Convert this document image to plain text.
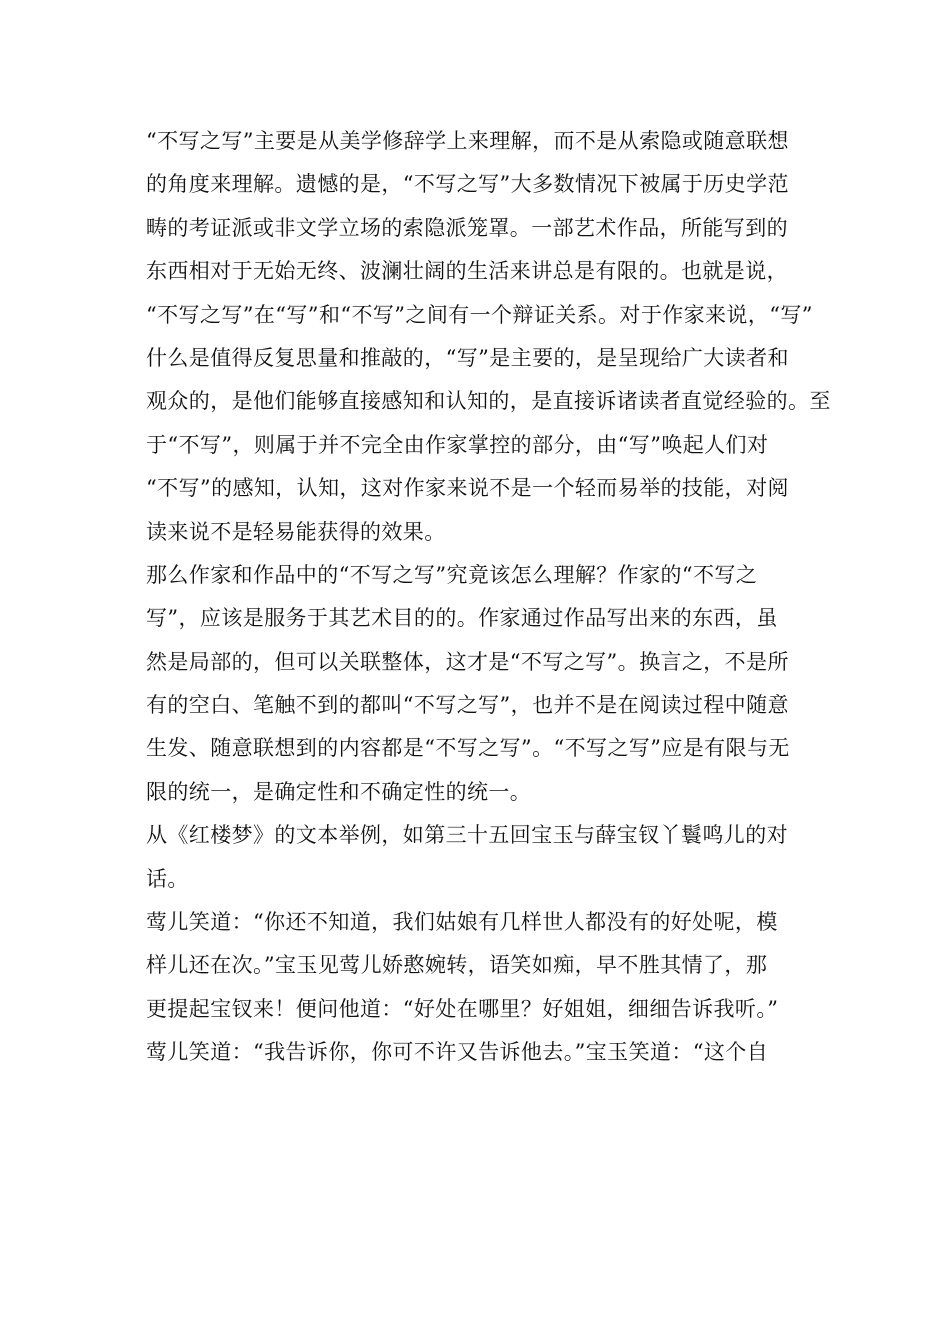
“不写之写”主要是从美学修辞学上来理解，而不是从索隐或随意联想
的角度来理解。遗憾的是，“不写之写”大多数情况下被属于历史学范
畴的考证派或非文学立场的索隐派笼罩。一部艺术作品，所能写到的
东西相对于无始无终、波澜壮阔的生活来讲总是有限的。也就是说，
“不写之写”在“写”和“不写”之间有一个辩证关系。对于作家来说，“写”
什么是值得反复思量和推敲的，“写”是主要的，是呈现给广大读者和
观众的，是他们能够直接感知和认知的，是直接诉诸读者直觉经验的。至
于“不写”，则属于并不完全由作家掌控的部分，由“写”唤起人们对
“不写”的感知，认知，这对作家来说不是一个轻而易举的技能，对阅
读来说不是轻易能获得的效果。
那么作家和作品中的“不写之写”究竟该怎么理解？作家的“不写之
写”，应该是服务于其艺术目的的。作家通过作品写出来的东西，虽
然是局部的，但可以关联整体，这才是“不写之写”。换言之，不是所
有的空白、笔触不到的都叫“不写之写”，也并不是在阅读过程中随意
生发、随意联想到的内容都是“不写之写”。“不写之写”应是有限与无
限的统一，是确定性和不确定性的统一。
从《红楼梦》的文本举例，如第三十五回宝玉与薛宝钗丫鬟鸣儿的对
话。
莺儿笑道：“你还不知道，我们姑娘有几样世人都没有的好处呢，模
样儿还在次。”宝玉见莺儿娇憨婉转，语笑如痴，早不胜其情了，那
更提起宝钗来！便问他道：“好处在哪里？好姐姐，细细告诉我听。”
莺儿笑道：“我告诉你，你可不许又告诉他去。”宝玉笑道：“这个自
